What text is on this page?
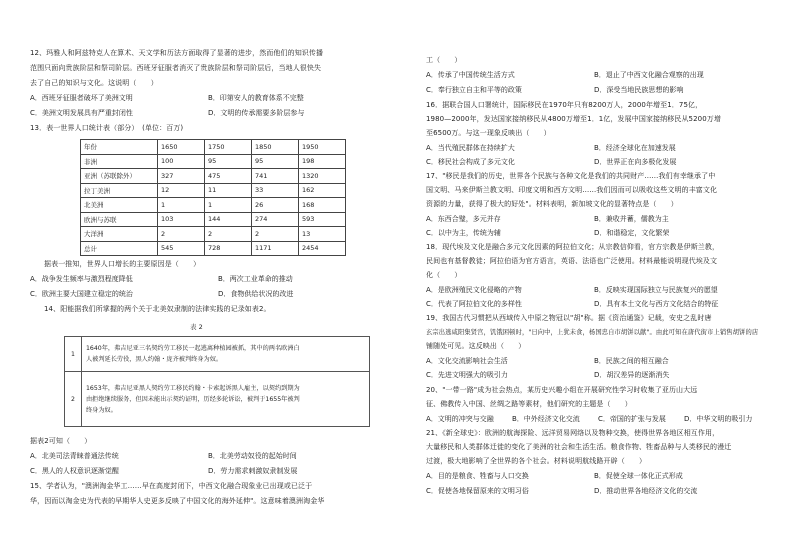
12、玛雅人和阿兹特克人在算术、天文学和历法方面取得了显著的进步，然而他们的知识传播
范围只面向贵族阶层和祭司阶层。西班牙征服者消灭了贵族阶层和祭司阶层后，当地人很快失
去了自己的知识与文化。这说明（　　）
A．西班牙征服者破坏了美洲文明	B．印第安人的教育体系不完整
C．美洲文明发展具有严重封闭性	D．文明的传承需要多阶层参与
13．表一世界人口统计表（部分）　(单位：百万)
年份	1650	1750	1850	1950
非洲	100	95	95	198
亚洲（苏联除外）	327	475	741	1320
拉丁美洲	12	11	33	162
北美洲	1	1	26	168
欧洲与苏联	103	144	274	593
大洋洲	2	2	2	13
总计	545	728	1171	2454
据表一推知，世界人口增长的主要原因是（　　）
A．战争发生频率与激烈程度降低	B．两次工业革命的推动
C．欧洲主要大国建立稳定的统治	D．食物供给状况的改进
14、阳能据我们所掌握的两个关于北美奴隶制的法律实践的记录如表2。
表 2
1	1640年，弗吉尼亚三名契约劳工移民一起逃离种植园被抓，其中的两名欧洲白
人被判延长劳役，黑人约翰・庞齐被判终身为奴。

2	1653年，弗吉尼亚黑人契约劳工移民约翰・卡索起诉黑人雇主，以契约到期为
由拒绝继续服务，但因未能出示契约证明，历经多轮诉讼，被判于1655年被判
终身为奴。
据表2可知（　　）
A．北美司法青睐普通法传统	B．北美劳动奴役的起始时间
C．黑人的人权意识逐渐觉醒	D．劳力需求刺激奴隶制发展
15、学者认为，"澳洲淘金华工……早在高度封闭下，中西文化融合现象业已出现或已泛于
华，因而以淘金史为代表的早期华人史更多反映了中国文化的海外延伸"。这意味着澳洲淘金华
工（　　）
A．传承了中国传统生活方式	B．退止了中西文化融合观察的出现
C．奉行独立自主和平等的政策	D．深受当地民族思想的影响
16．据联合国人口署统计，国际移民在1970年只有8200万人，2000年增至1．75亿，
1980—2000年，发达国家接纳移民从4800万增至1．1亿，发展中国家接纳移民从5200万增
至6500万。与这一现象反映出（　　）
A．当代殖民群体在持续扩大	B．经济全球化在加速发展
C．移民社会构成了多元文化	D．世界正在向多极化发展
17、"移民是我们的历史，世界各个民族与各种文化是我们的共同财产……我们有幸继承了中
国文明、马来伊斯兰教文明、印度文明和西方文明……我们因而可以吸收这些文明的丰富文化
资源的力量，获得了极大的好处"。材料表明，新加坡文化的显著特点是（　　）
A．东西合璧，多元并存	B．兼收并蓄，儒教为主
C．以中为主，传统为辅	D．和谐稳定，文化繁荣
18．现代埃及文化是融合多元文化因素的阿拉伯文化；从宗教信仰看，官方宗教是伊斯兰教，
民间也有基督教徒；阿拉伯语为官方语言，英语、法语也广泛使用。材料最能说明现代埃及文
化（　　）
A．是欧洲殖民文化侵略的产物	B．反映实现国际独立与民族复兴的愿望
C．代表了阿拉伯文化的多样性	D．具有本土文化与西方文化结合的特征
19、我国古代习惯把从西域传入中原之物冠以"胡"称。据《资治通鉴》记载，安史之乱时唐
玄宗出逃咸阳集贤宫，饥饿困顿时，"日向中，上犹未食，杨国忠自市胡饼以献"。由此可知在唐代街市上销售胡饼的店
铺随处可见。这反映出（　　）
A．文化交流影响社会生活	B．民族之间的相互融合
C．先进文明强大的吸引力	D．胡汉差异的逐渐消失
20、"一带一路"成为社会热点，某历史兴趣小组在开展研究性学习时收集了亚历山大远
征、佛教传入中国、丝绸之路等素材，他们研究的主题是（　　）
A．文明的冲突与交融	B．中外经济文化交流	C．帝国的扩张与发展	D．中华文明的吸引力
21、《新全球史》：欧洲的航海探险、远洋贸易网络以及物种交换，使得世界各地区相互作用，
大量移民和人类群体迁徙的变化了美洲的社会和生活生活。粮食作物、牲畜品种与人类移民的漫迁
过渡，极大地影响了全世界的各个社会。材料说明航线路开辟（　　）
A．目的是粮食、牲畜与人口交换	B．促使全球一体化正式形成
C．促使各地保留原来的文明习俗	D．推动世界各地经济文化的交流
